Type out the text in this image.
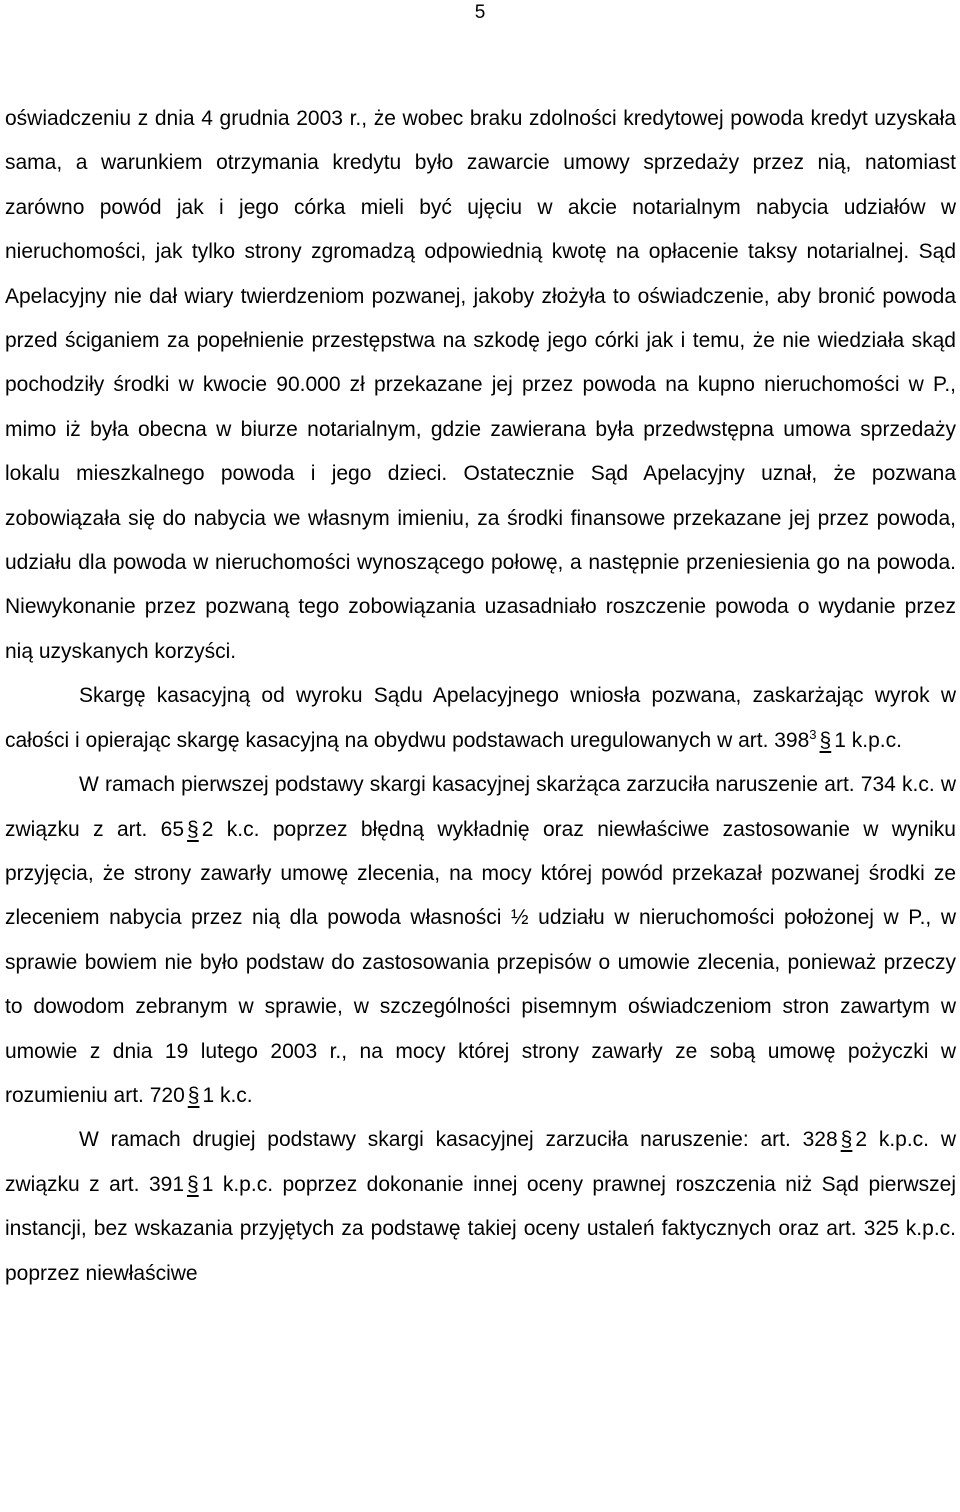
5

oświadczeniu z dnia 4 grudnia 2003 r., że wobec braku zdolności kredytowej powoda kredyt uzyskała sama, a warunkiem otrzymania kredytu było zawarcie umowy sprzedaży przez nią, natomiast zarówno powód jak i jego córka mieli być ujęciu w akcie notarialnym nabycia udziałów w nieruchomości, jak tylko strony zgromadzą odpowiednią kwotę na opłacenie taksy notarialnej. Sąd Apelacyjny nie dał wiary twierdzeniom pozwanej, jakoby złożyła to oświadczenie, aby bronić powoda przed ściganiem za popełnienie przestępstwa na szkodę jego córki jak i temu, że nie wiedziała skąd pochodziły środki w kwocie 90.000 zł przekazane jej przez powoda na kupno nieruchomości w P., mimo iż była obecna w biurze notarialnym, gdzie zawierana była przedwstępna umowa sprzedaży lokalu mieszkalnego powoda i jego dzieci. Ostatecznie Sąd Apelacyjny uznał, że pozwana zobowiązała się do nabycia we własnym imieniu, za środki finansowe przekazane jej przez powoda, udziału dla powoda w nieruchomości wynoszącego połowę, a następnie przeniesienia go na powoda. Niewykonanie przez pozwaną tego zobowiązania uzasadniało roszczenie powoda o wydanie przez nią uzyskanych korzyści.

Skargę kasacyjną od wyroku Sądu Apelacyjnego wniosła pozwana, zaskarżając wyrok w całości i opierając skargę kasacyjną na obydwu podstawach uregulowanych w art. $398^3$ § 1 k.p.c.

W ramach pierwszej podstawy skargi kasacyjnej skarżąca zarzuciła naruszenie art. 734 k.c. w związku z art. 65 § 2 k.c. poprzez błędną wykładnię oraz niewłaściwe zastosowanie w wyniku przyjęcia, że strony zawarły umowę zlecenia, na mocy której powód przekazał pozwanej środki ze zleceniem nabycia przez nią dla powoda własności ½ udziału w nieruchomości położonej w P., w sprawie bowiem nie było podstaw do zastosowania przepisów o umowie zlecenia, ponieważ przeczy to dowodom zebranym w sprawie, w szczególności pisemnym oświadczeniom stron zawartym w umowie z dnia 19 lutego 2003 r., na mocy której strony zawarły ze sobą umowę pożyczki w rozumieniu art. 720 § 1 k.c.

W ramach drugiej podstawy skargi kasacyjnej zarzuciła naruszenie: art. 328 § 2 k.p.c. w związku z art. 391 § 1 k.p.c. poprzez dokonanie innej oceny prawnej roszczenia niż Sąd pierwszej instancji, bez wskazania przyjętych za podstawę takiej oceny ustaleń faktycznych oraz art. 325 k.p.c. poprzez niewłaściwe
